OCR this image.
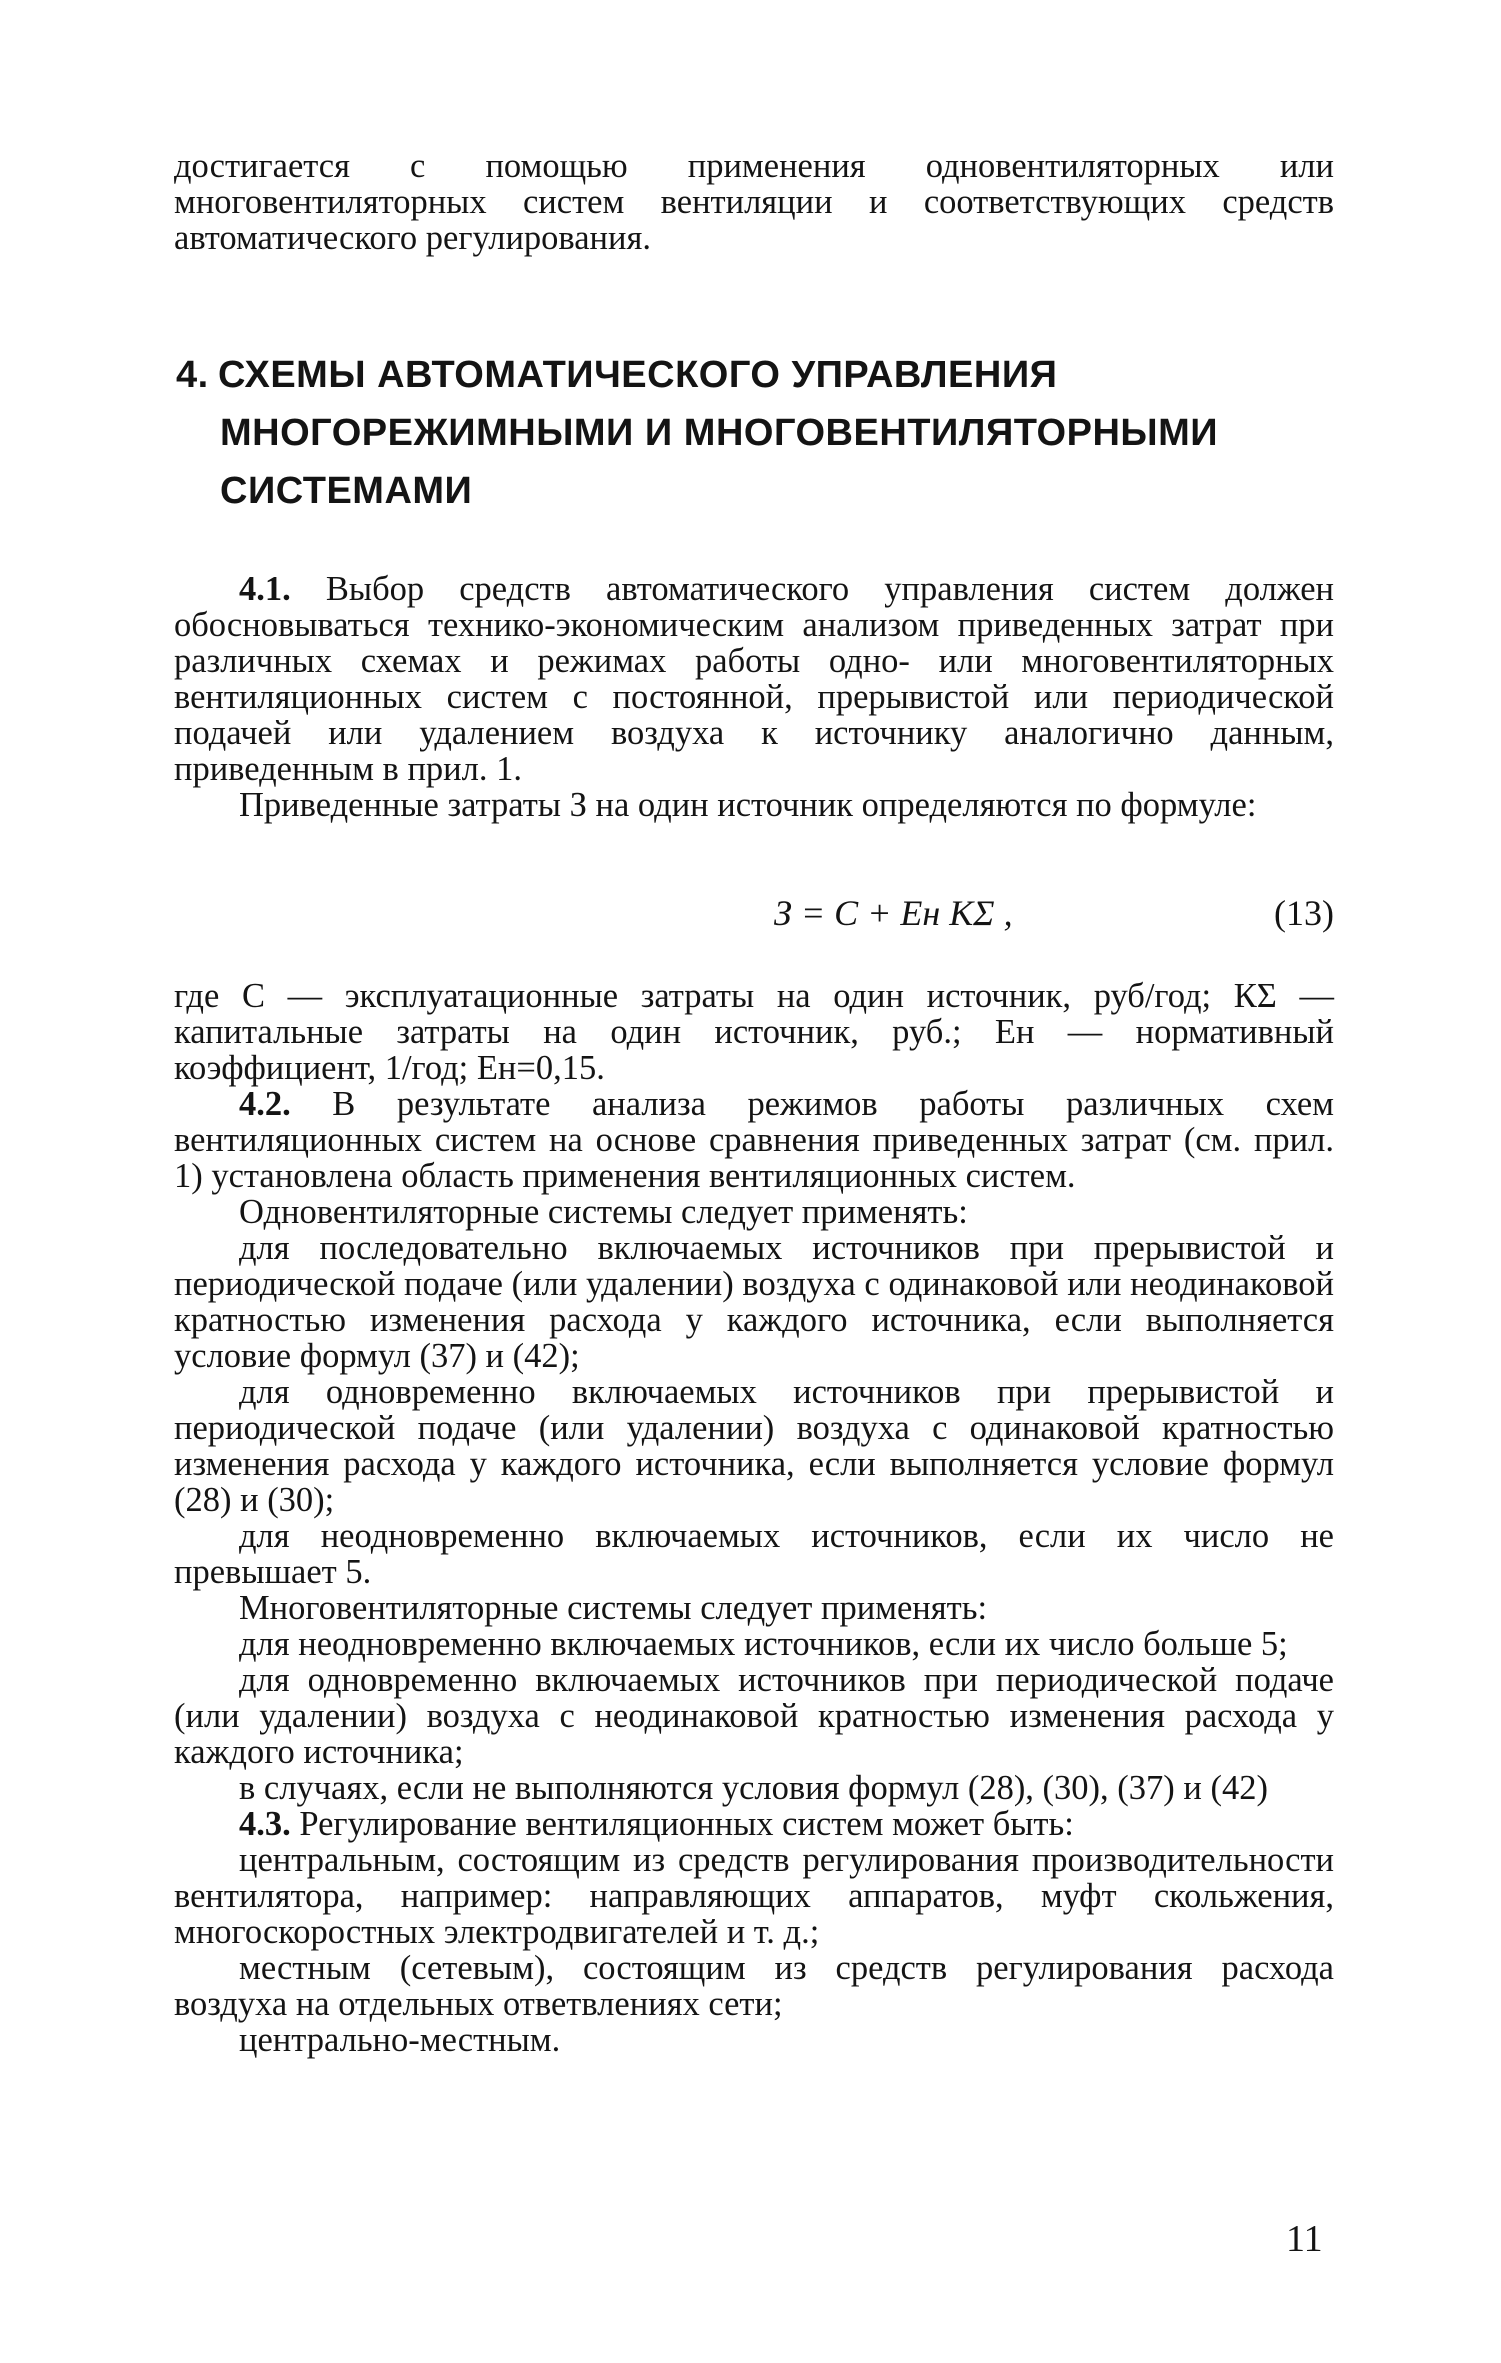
достигается с помощью применения одновентиляторных или многовентиляторных систем вентиляции и соответствующих средств автоматического регулирования.

4. СХЕМЫ АВТОМАТИЧЕСКОГО УПРАВЛЕНИЯ
МНОГОРЕЖИМНЫМИ И МНОГОВЕНТИЛЯТОРНЫМИ
СИСТЕМАМИ

4.1. Выбор средств автоматического управления систем должен обосновываться технико-экономическим анализом приведенных затрат при различных схемах и режимах работы одно- или многовентиляторных вентиляционных систем с постоянной, прерывистой или периодической подачей или удалением воздуха к источнику аналогично данным, приведенным в прил. 1.

Приведенные затраты З на один источник определяются по формуле:

З = С + Ен КΣ ,	(13)

где С — эксплуатационные затраты на один источник, руб/год; КΣ — капитальные затраты на один источник, руб.; Ен — нормативный коэффициент, 1/год; Ен=0,15.

4.2. В результате анализа режимов работы различных схем вентиляционных систем на основе сравнения приведенных затрат (см. прил. 1) установлена область применения вентиляционных систем.

Одновентиляторные системы следует применять:

для последовательно включаемых источников при прерывистой и периодической подаче (или удалении) воздуха с одинаковой или неодинаковой кратностью изменения расхода у каждого источника, если выполняется условие формул (37) и (42);

для одновременно включаемых источников при прерывистой и периодической подаче (или удалении) воздуха с одинаковой кратностью изменения расхода у каждого источника, если выполняется условие формул (28) и (30);

для неодновременно включаемых источников, если их число не превышает 5.

Многовентиляторные системы следует применять:

для неодновременно включаемых источников, если их число больше 5;

для одновременно включаемых источников при периодической подаче (или удалении) воздуха с неодинаковой кратностью изменения расхода у каждого источника;

в случаях, если не выполняются условия формул (28), (30), (37) и (42)

4.3. Регулирование вентиляционных систем может быть:

центральным, состоящим из средств регулирования производительности вентилятора, например: направляющих аппаратов, муфт скольжения, многоскоростных электродвигателей и т. д.;

местным (сетевым), состоящим из средств регулирования расхода воздуха на отдельных ответвлениях сети;

центрально-местным.

11
